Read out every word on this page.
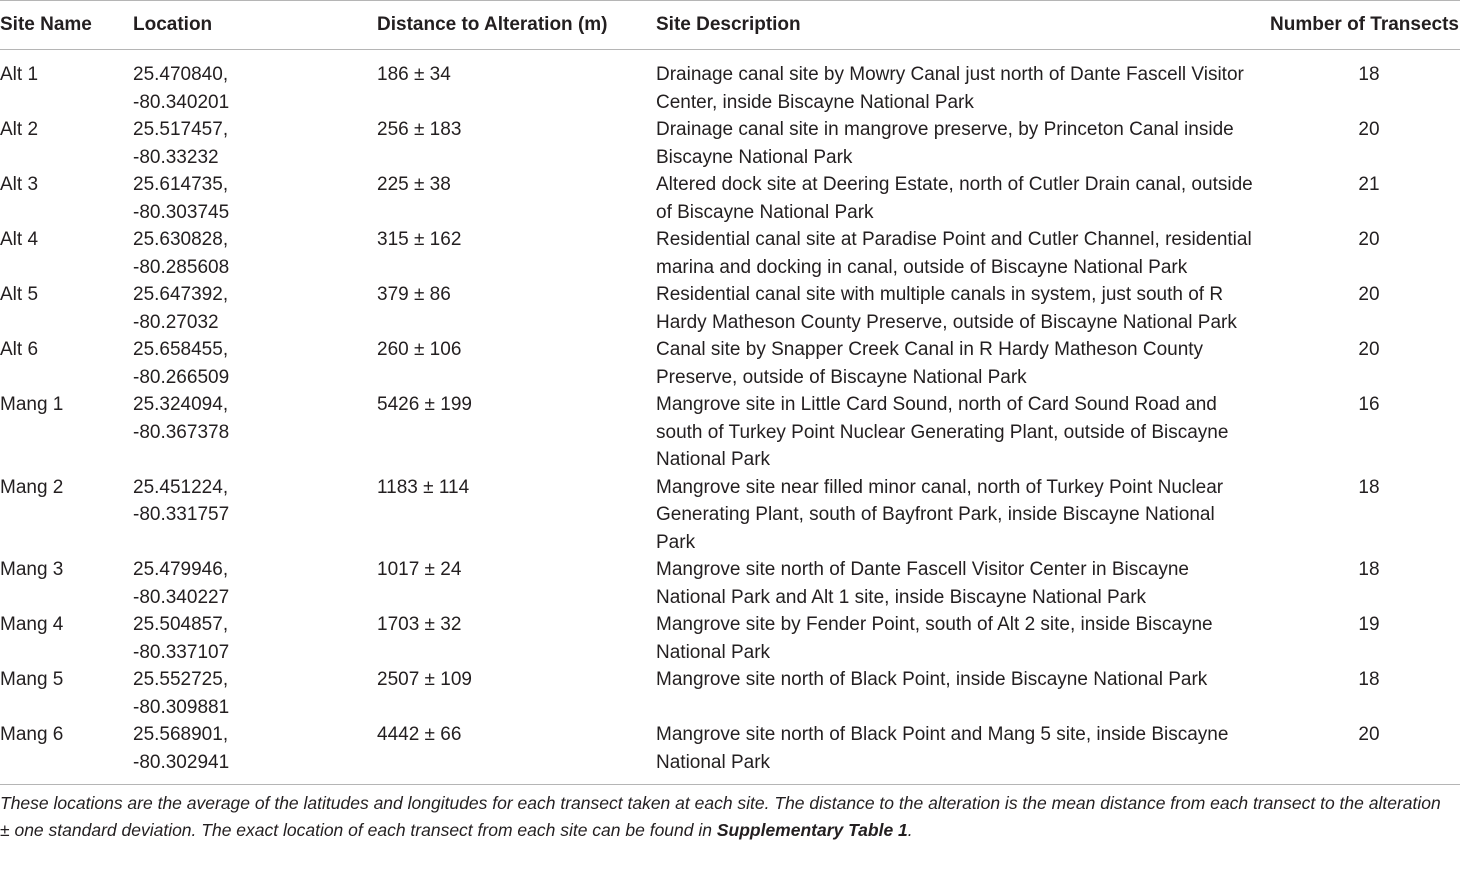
Site Name	Location	Distance to Alteration (m)	Site Description	Number of Transects

Alt 1	25.470840,
-80.340201	186 ± 34	Drainage canal site by Mowry Canal just north of Dante Fascell Visitor Center, inside Biscayne National Park	18

Alt 2	25.517457,
-80.33232	256 ± 183	Drainage canal site in mangrove preserve, by Princeton Canal inside Biscayne National Park	20

Alt 3	25.614735,
-80.303745	225 ± 38	Altered dock site at Deering Estate, north of Cutler Drain canal, outside of Biscayne National Park	21

Alt 4	25.630828,
-80.285608	315 ± 162	Residential canal site at Paradise Point and Cutler Channel, residential marina and docking in canal, outside of Biscayne National Park	20

Alt 5	25.647392,
-80.27032	379 ± 86	Residential canal site with multiple canals in system, just south of R Hardy Matheson County Preserve, outside of Biscayne National Park	20

Alt 6	25.658455,
-80.266509	260 ± 106	Canal site by Snapper Creek Canal in R Hardy Matheson County Preserve, outside of Biscayne National Park	20

Mang 1	25.324094,
-80.367378	5426 ± 199	Mangrove site in Little Card Sound, north of Card Sound Road and south of Turkey Point Nuclear Generating Plant, outside of Biscayne National Park	16

Mang 2	25.451224,
-80.331757	1183 ± 114	Mangrove site near filled minor canal, north of Turkey Point Nuclear Generating Plant, south of Bayfront Park, inside Biscayne National Park	18

Mang 3	25.479946,
-80.340227	1017 ± 24	Mangrove site north of Dante Fascell Visitor Center in Biscayne National Park and Alt 1 site, inside Biscayne National Park	18

Mang 4	25.504857,
-80.337107	1703 ± 32	Mangrove site by Fender Point, south of Alt 2 site, inside Biscayne National Park	19

Mang 5	25.552725,
-80.309881	2507 ± 109	Mangrove site north of Black Point, inside Biscayne National Park	18

Mang 6	25.568901,
-80.302941	4442 ± 66	Mangrove site north of Black Point and Mang 5 site, inside Biscayne National Park	20
These locations are the average of the latitudes and longitudes for each transect taken at each site. The distance to the alteration is the mean distance from each transect to the alteration ± one standard deviation. The exact location of each transect from each site can be found in Supplementary Table 1.
